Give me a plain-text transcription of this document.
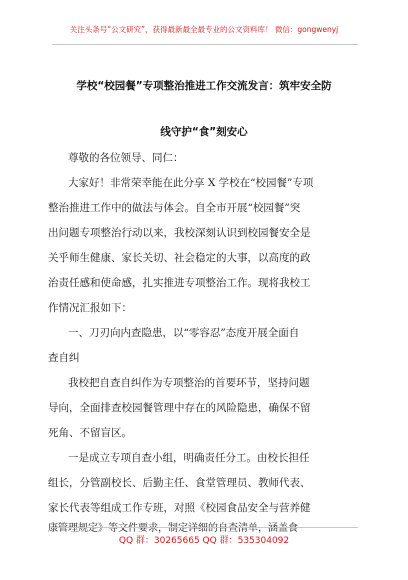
关注头条号“公文研究”，获得最新最全最专业的公文资料库！ 微信：gongwenyj
学校“校园餐”专项整治推进工作交流发言：筑牢安全防
线守护“食”刻安心
尊敬的各位领导、同仁：
大家好！非常荣幸能在此分享 X 学校在“校园餐”专项
整治推进工作中的做法与体会。自全市开展“校园餐”突
出问题专项整治行动以来，我校深刻认识到校园餐安全是
关乎师生健康、家长关切、社会稳定的大事，以高度的政
治责任感和使命感，扎实推进专项整治工作。现将我校工
作情况汇报如下：
一、刀刃向内查隐患，以“零容忍”态度开展全面自
查自纠
我校把自查自纠作为专项整治的首要环节，坚持问题
导向，全面排查校园餐管理中存在的风险隐患，确保不留
死角、不留盲区。
一是成立专项自查小组，明确责任分工。由校长担任
组长，分管副校长、后勤主任、食堂管理员、教师代表、
家长代表等组成工作专班，对照《校园食品安全与营养健
康管理规定》等文件要求，制定详细的自查清单，涵盖食
QQ 群：30265665 QQ 群：535304092
